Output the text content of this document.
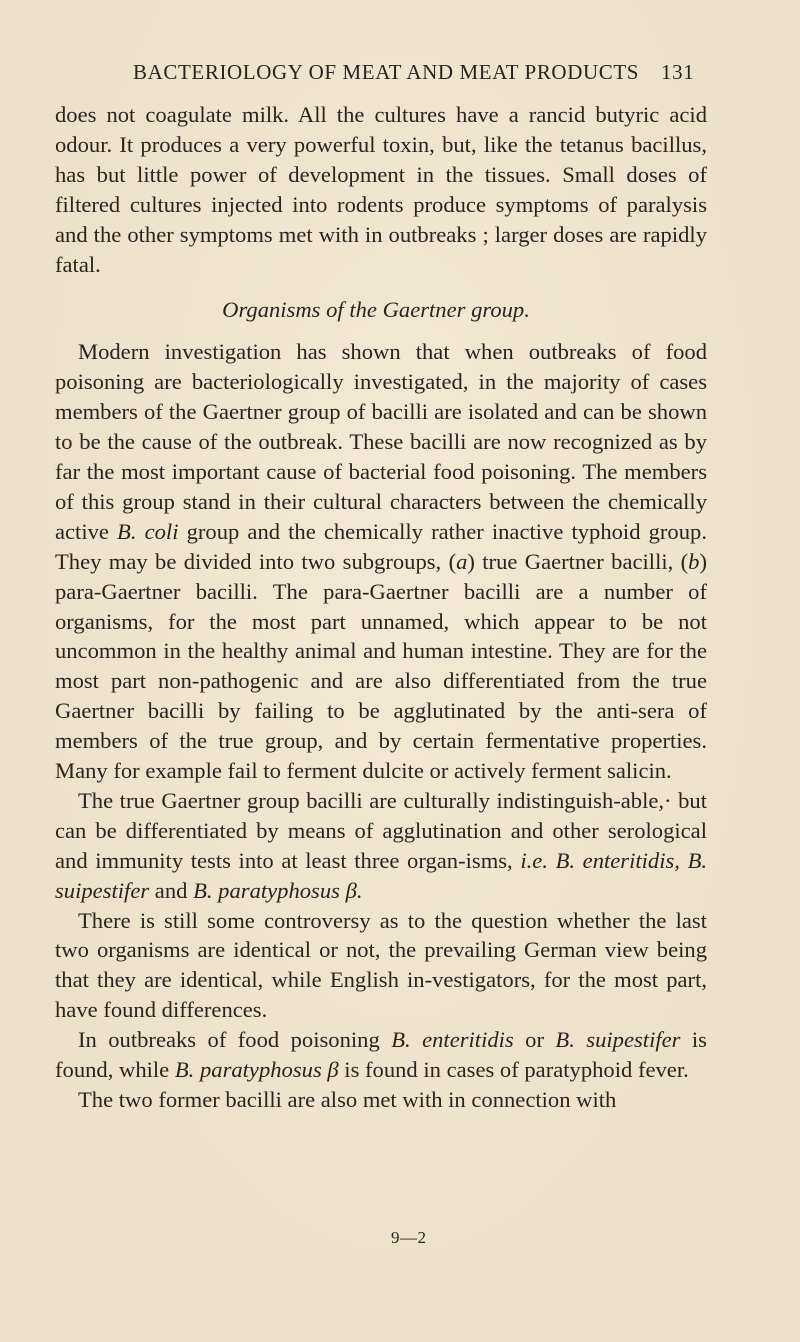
BACTERIOLOGY OF MEAT AND MEAT PRODUCTS 131

does not coagulate milk. All the cultures have a rancid butyric acid odour. It produces a very powerful toxin, but, like the tetanus bacillus, has but little power of development in the tissues. Small doses of filtered cultures injected into rodents produce symptoms of paralysis and the other symptoms met with in outbreaks ; larger doses are rapidly fatal.

Organisms of the Gaertner group.

Modern investigation has shown that when outbreaks of food poisoning are bacteriologically investigated, in the majority of cases members of the Gaertner group of bacilli are isolated and can be shown to be the cause of the outbreak. These bacilli are now recognized as by far the most important cause of bacterial food poisoning. The members of this group stand in their cultural characters between the chemically active B. coli group and the chemically rather inactive typhoid group. They may be divided into two subgroups, (a) true Gaertner bacilli, (b) para-Gaertner bacilli. The para-Gaertner bacilli are a number of organisms, for the most part unnamed, which appear to be not uncommon in the healthy animal and human intestine. They are for the most part non-pathogenic and are also differentiated from the true Gaertner bacilli by failing to be agglutinated by the anti-sera of members of the true group, and by certain fermentative properties. Many for example fail to ferment dulcite or actively ferment salicin.

The true Gaertner group bacilli are culturally indistinguish-able,· but can be differentiated by means of agglutination and other serological and immunity tests into at least three organ-isms, i.e. B. enteritidis, B. suipestifer and B. paratyphosus β.

There is still some controversy as to the question whether the last two organisms are identical or not, the prevailing German view being that they are identical, while English in-vestigators, for the most part, have found differences.

In outbreaks of food poisoning B. enteritidis or B. suipestifer is found, while B. paratyphosus β is found in cases of paratyphoid fever.

The two former bacilli are also met with in connection with

9—2
